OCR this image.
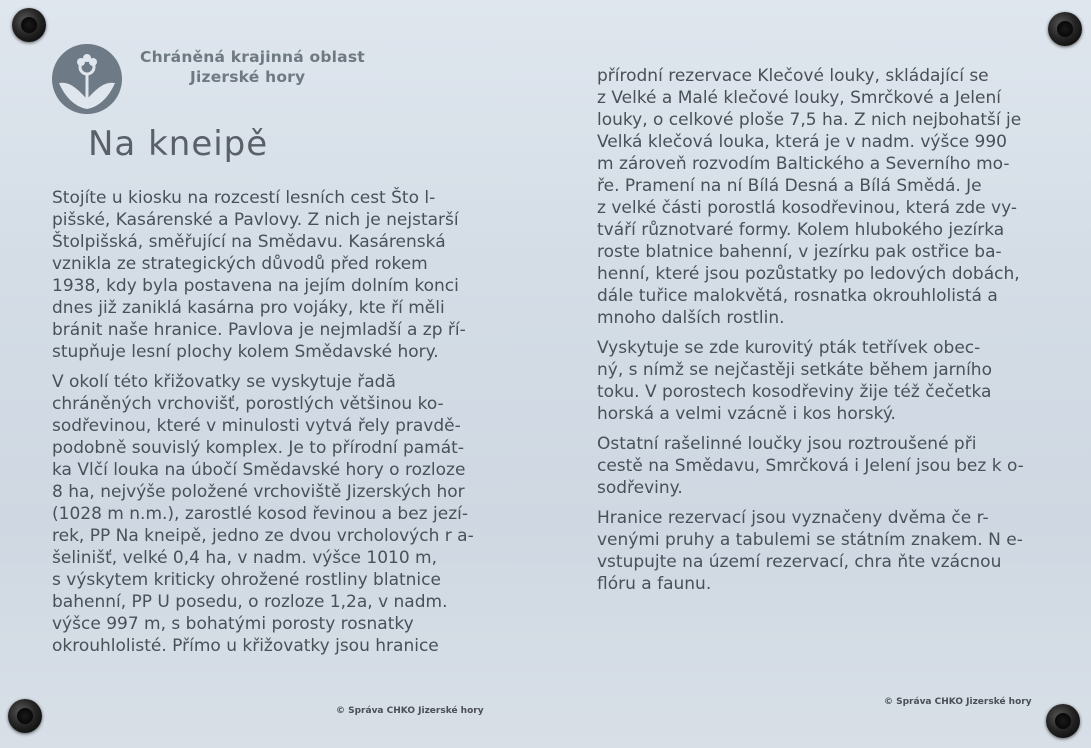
Chráněná krajinná oblast
Jizerské hory
Na kneipě
Stojíte u kiosku na rozcestí lesních cest Što l-
pišské, Kasárenské a Pavlovy. Z nich je nejstarší
Štolpišská, směřující na Smědavu. Kasárenská
vznikla ze strategických důvodů před rokem
1938, kdy byla postavena na jejím dolním konci
dnes již zaniklá kasárna pro vojáky, kte ří měli
bránit naše hranice. Pavlova je nejmladší a zp ří-
stupňuje lesní plochy kolem Smědavské hory.
V okolí této křižovatky se vyskytuje řadă
chráněných vrchovišť, porostlých většinou ko-
sodřevinou, které v minulosti vytvá řely pravdě-
podobně souvislý komplex. Je to přírodní památ-
ka Vlčí louka na úbočí Smědavské hory o rozloze
8 ha, nejvýše položené vrchoviště Jizerských hor
(1028 m n.m.), zarostlé kosod řevinou a bez jezí-
rek, PP Na kneipě, jedno ze dvou vrcholových r a-
šelinišť, velké 0,4 ha, v nadm. výšce 1010 m,
s výskytem kriticky ohrožené rostliny blatnice
bahenní, PP U posedu, o rozloze 1,2a, v nadm.
výšce 997 m, s bohatými porosty rosnatky
okrouhlolisté. Přímo u křižovatky jsou hranice
přírodní rezervace Klečové louky, skládající se
z Velké a Malé klečové louky, Smrčkové a Jelení
louky, o celkové ploše 7,5 ha. Z nich nejbohatší je
Velká klečová louka, která je v nadm. výšce 990
m zároveň rozvodím Baltického a Severního mo-
ře. Pramení na ní Bílá Desná a Bílá Smědá. Je
z velké části porostlá kosodřevinou, která zde vy-
tváří různotvaré formy. Kolem hlubokého jezírka
roste blatnice bahenní, v jezírku pak ostřice ba-
henní, které jsou pozůstatky po ledových dobách,
dále tuřice malokvětá, rosnatka okrouhlolistá a
mnoho dalších rostlin.
Vyskytuje se zde kurovitý pták tetřívek obec-
ný, s nímž se nejčastěji setkáte během jarního
toku. V porostech kosodřeviny žije též čečetka
horská a velmi vzácně i kos horský.
Ostatní rašelinné loučky jsou roztroušené při
cestě na Smědavu, Smrčková i Jelení jsou bez k o-
sodřeviny.
Hranice rezervací jsou vyznačeny dvěma če r-
venými pruhy a tabulemi se státním znakem. N e-
vstupujte na území rezervací, chra ňte vzácnou
flóru a faunu.
© Správa CHKO Jizerské hory
© Správa CHKO Jizerské hory
